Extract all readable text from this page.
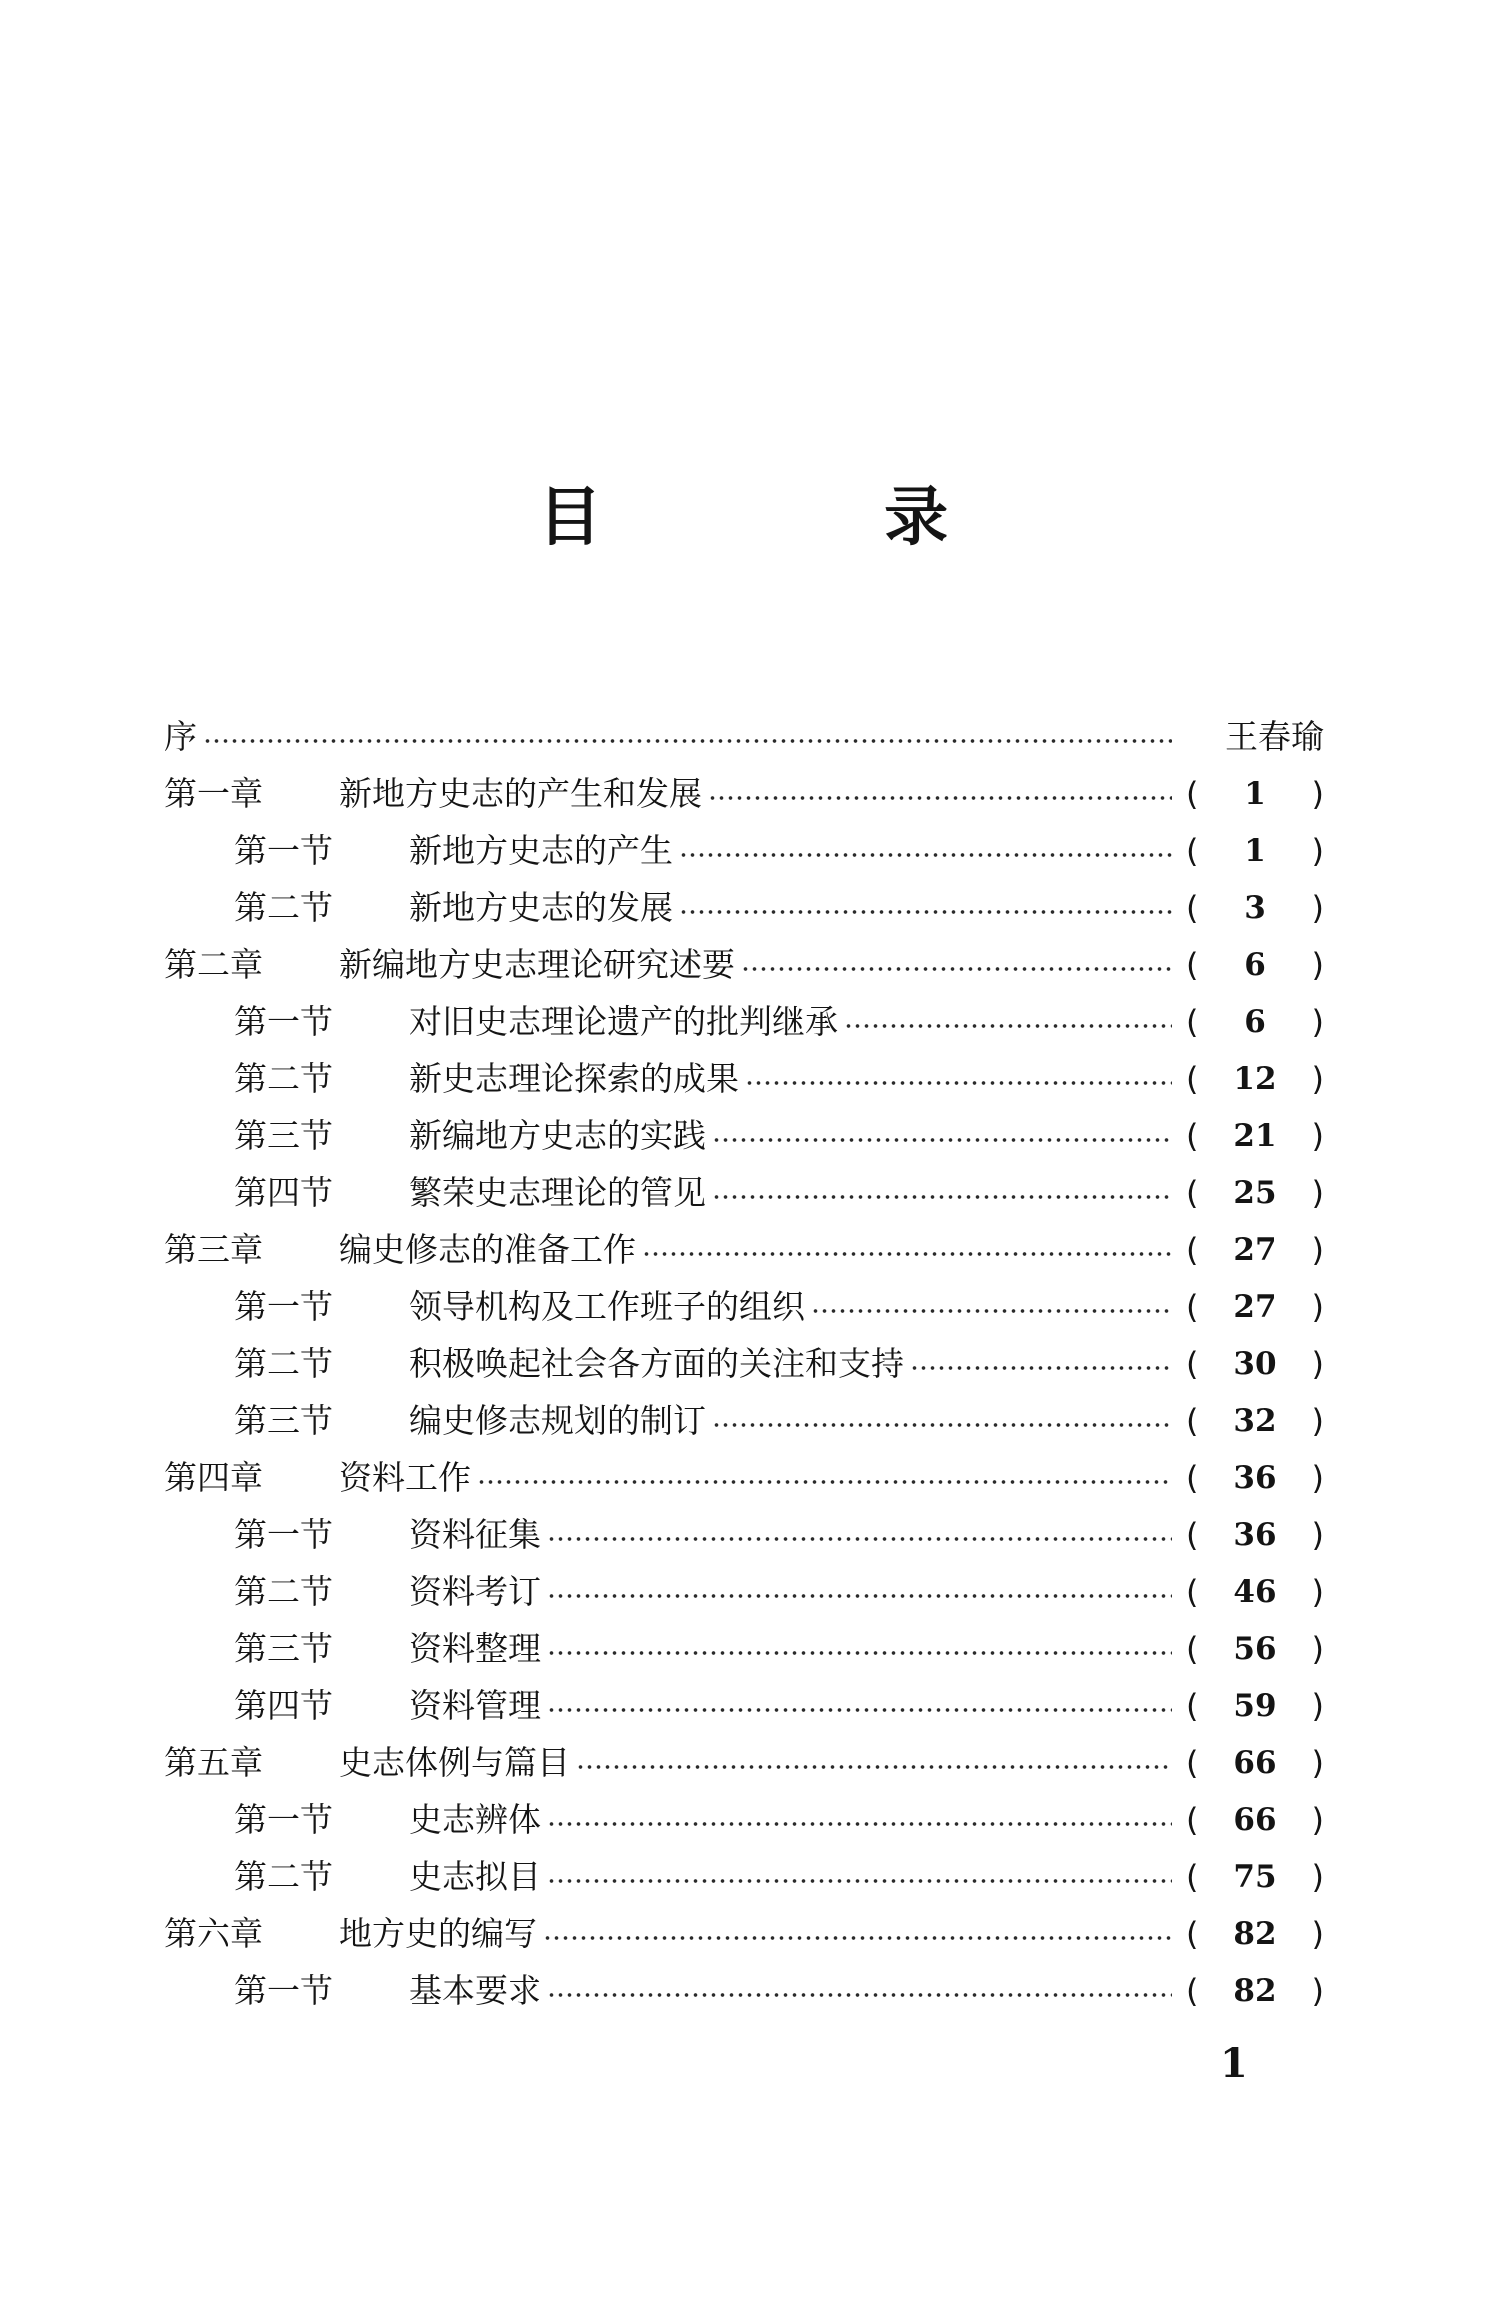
目 录
序	王春瑜
第一章	新地方史志的产生和发展	(	1	)
第一节	新地方史志的产生	(	1	)
第二节	新地方史志的发展	(	3	)
第二章	新编地方史志理论研究述要	(	6	)
第一节	对旧史志理论遗产的批判继承	(	6	)
第二节	新史志理论探索的成果	(	12	)
第三节	新编地方史志的实践	(	21	)
第四节	繁荣史志理论的管见	(	25	)
第三章	编史修志的准备工作	(	27	)
第一节	领导机构及工作班子的组织	(	27	)
第二节	积极唤起社会各方面的关注和支持	(	30	)
第三节	编史修志规划的制订	(	32	)
第四章	资料工作	(	36	)
第一节	资料征集	(	36	)
第二节	资料考订	(	46	)
第三节	资料整理	(	56	)
第四节	资料管理	(	59	)
第五章	史志体例与篇目	(	66	)
第一节	史志辨体	(	66	)
第二节	史志拟目	(	75	)
第六章	地方史的编写	(	82	)
第一节	基本要求	(	82	)
1
